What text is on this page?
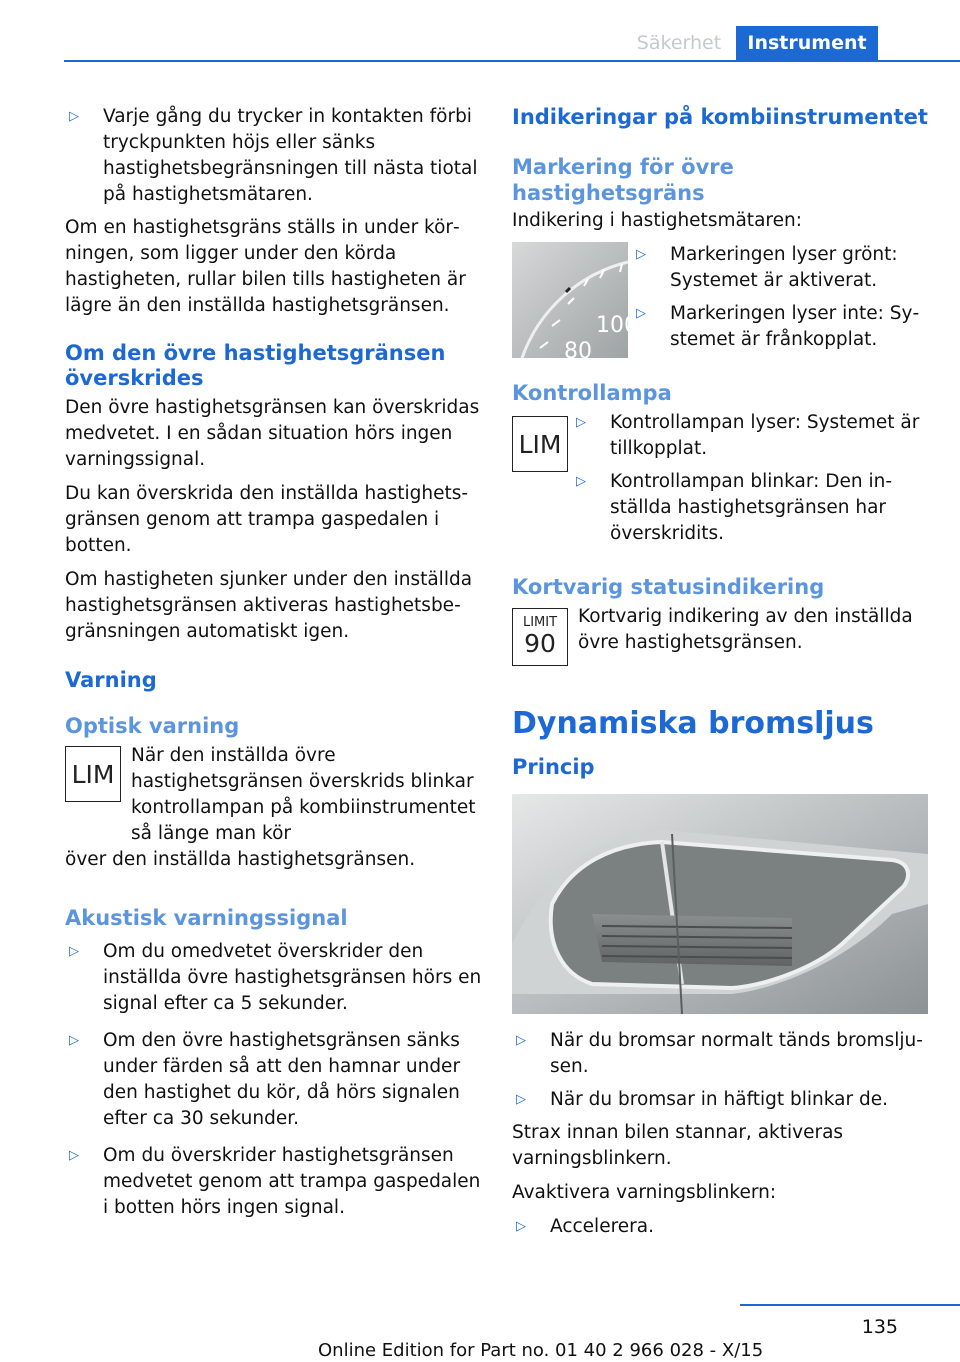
Säkerhet	Instrument
▷	Varje gång du trycker in kontakten förbi tryckpunkten höjs eller sänks hastighetsbegränsningen till nästa tiotal på hastighetsmätaren.

Om en hastighetsgräns ställs in under körningen, som ligger under den körda hastigheten, rullar bilen tills hastigheten är lägre än den inställda hastighetsgränsen.

Om den övre hastighetsgränsen överskrides

Den övre hastighetsgränsen kan överskridas medvetet. I en sådan situation hörs ingen varningssignal.

Du kan överskrida den inställda hastighetsgränsen genom att trampa gaspedalen i botten.

Om hastigheten sjunker under den inställda hastighetsgränsen aktiveras hastighetsbegränsningen automatiskt igen.

Varning
Optisk varning
LIM

När den inställda övre hastighetsgränsen överskrids blinkar kontrollampan på kombiinstrumentet så länge man kör

över den inställda hastighetsgränsen.

Akustisk varningssignal
▷	Om du omedvetet överskrider den inställda övre hastighetsgränsen hörs en signal efter ca 5 sekunder.
▷	Om den övre hastighetsgränsen sänks under färden så att den hamnar under den hastighet du kör, då hörs signalen efter ca 30 sekunder.
▷	Om du överskrider hastighetsgränsen medvetet genom att trampa gaspedalen i botten hörs ingen signal.
Indikeringar på kombiinstrumentet
Markering för övre hastighetsgräns

Indikering i hastighetsmätaren:

100
80
▷	Markeringen lyser grönt: Systemet är aktiverat.
▷	Markeringen lyser inte: Systemet är frånkopplat.
Kontrollampa
LIM
▷	Kontrollampan lyser: Systemet är tillkopplat.
▷	Kontrollampan blinkar: Den inställda hastighetsgränsen har överskridits.
Kortvarig statusindikering
LIMIT
90

Kortvarig indikering av den inställda övre hastighetsgränsen.

Dynamiska bromsljus
Princip
▷	När du bromsar normalt tänds bromsljusen.
▷	När du bromsar in häftigt blinkar de.

Strax innan bilen stannar, aktiveras varningsblinkern.

Avaktivera varningsblinkern:

▷	Accelerera.
135
Online Edition for Part no. 01 40 2 966 028 - X/15
